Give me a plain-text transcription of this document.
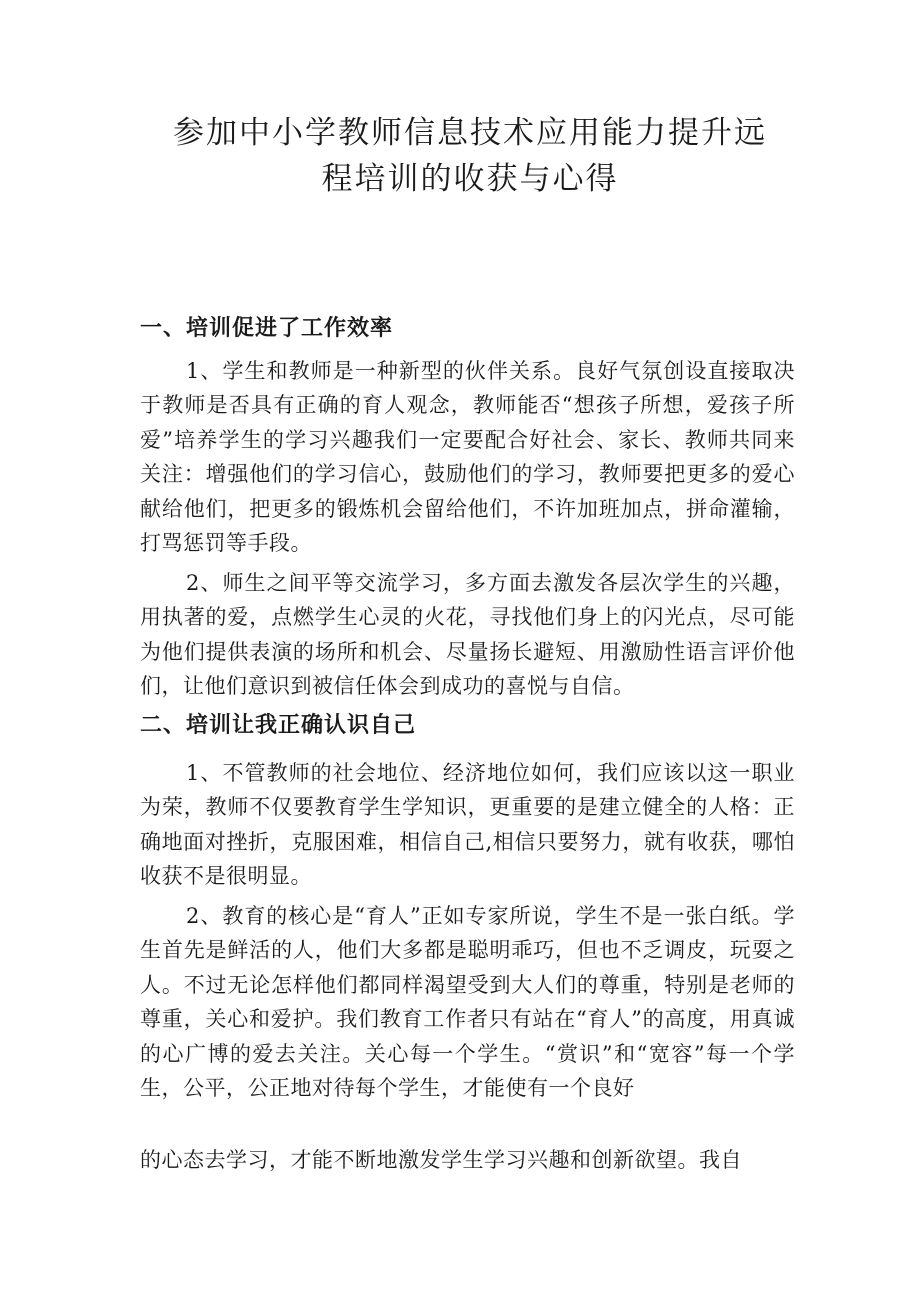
参加中小学教师信息技术应用能力提升远
程培训的收获与心得
一、培训促进了工作效率

1、学生和教师是一种新型的伙伴关系。良好气氛创设直接取决于教师是否具有正确的育人观念，教师能否“想孩子所想，爱孩子所爱”培养学生的学习兴趣我们一定要配合好社会、家长、教师共同来关注：增强他们的学习信心，鼓励他们的学习，教师要把更多的爱心献给他们，把更多的锻炼机会留给他们，不许加班加点，拼命灌输，打骂惩罚等手段。

2、师生之间平等交流学习，多方面去激发各层次学生的兴趣，用执著的爱，点燃学生心灵的火花，寻找他们身上的闪光点，尽可能为他们提供表演的场所和机会、尽量扬长避短、用激励性语言评价他们，让他们意识到被信任体会到成功的喜悦与自信。

二、培训让我正确认识自己

1、不管教师的社会地位、经济地位如何，我们应该以这一职业为荣，教师不仅要教育学生学知识，更重要的是建立健全的人格：正确地面对挫折，克服困难，相信自己,相信只要努力，就有收获，哪怕收获不是很明显。

2、教育的核心是“育人”正如专家所说，学生不是一张白纸。学生首先是鲜活的人，他们大多都是聪明乖巧，但也不乏调皮，玩耍之人。不过无论怎样他们都同样渴望受到大人们的尊重，特别是老师的尊重，关心和爱护。我们教育工作者只有站在“育人”的高度，用真诚的心广博的爱去关注。关心每一个学生。“赏识”和“宽容”每一个学生，公平，公正地对待每个学生，才能使有一个良好

的心态去学习，才能不断地激发学生学习兴趣和创新欲望。我自
